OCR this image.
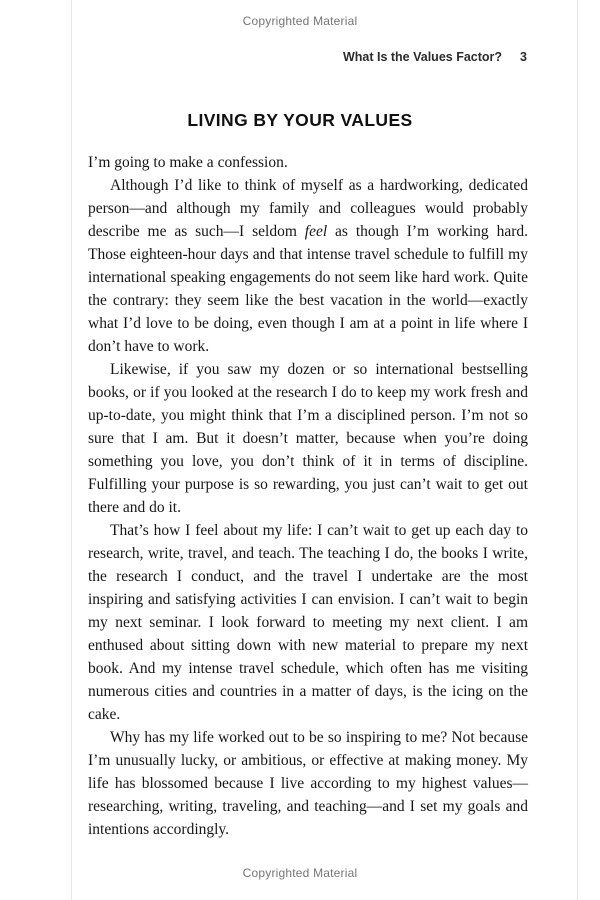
Copyrighted Material
What Is the Values Factor? 3
LIVING BY YOUR VALUES

I’m going to make a confession.

Although I’d like to think of myself as a hardworking, dedicated person—and although my family and colleagues would probably describe me as such—I seldom feel as though I’m working hard. Those eighteen-hour days and that intense travel schedule to fulfill my international speaking engagements do not seem like hard work. Quite the contrary: they seem like the best vacation in the world—exactly what I’d love to be doing, even though I am at a point in life where I don’t have to work.

Likewise, if you saw my dozen or so international bestselling books, or if you looked at the research I do to keep my work fresh and up-to-date, you might think that I’m a disciplined person. I’m not so sure that I am. But it doesn’t matter, because when you’re doing something you love, you don’t think of it in terms of discipline. Fulfilling your purpose is so rewarding, you just can’t wait to get out there and do it.

That’s how I feel about my life: I can’t wait to get up each day to research, write, travel, and teach. The teaching I do, the books I write, the research I conduct, and the travel I undertake are the most inspiring and satisfying activities I can envision. I can’t wait to begin my next seminar. I look forward to meeting my next client. I am enthused about sitting down with new material to prepare my next book. And my intense travel schedule, which often has me visiting numerous cities and countries in a matter of days, is the icing on the cake.

Why has my life worked out to be so inspiring to me? Not because I’m unusually lucky, or ambitious, or effective at making money. My life has blossomed because I live according to my highest values—researching, writing, traveling, and teaching—and I set my goals and intentions accordingly.

Copyrighted Material
